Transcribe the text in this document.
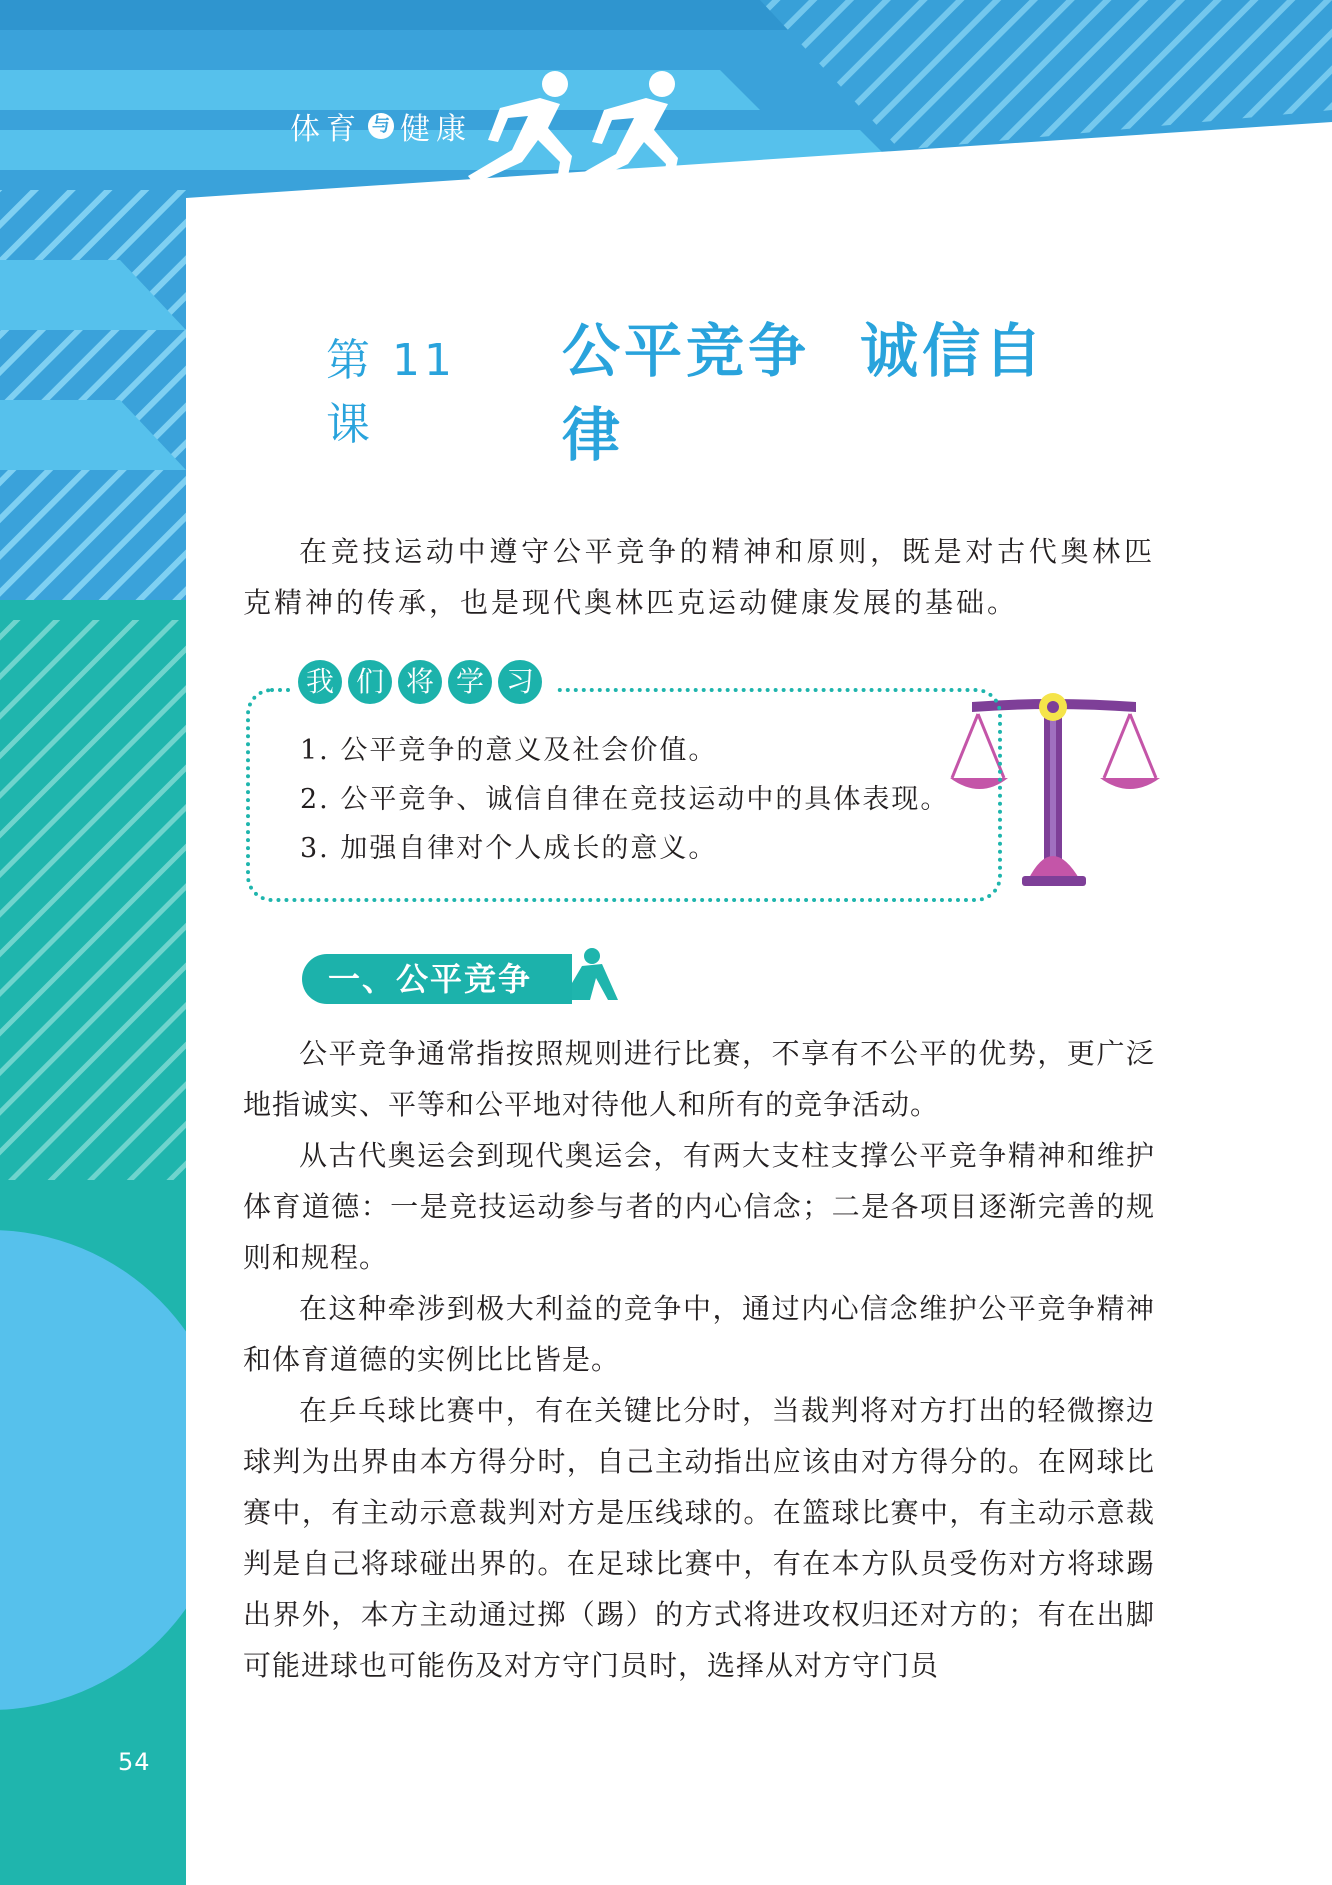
体育 与 健康
第 11 课
公平竞争 诚信自律

在竞技运动中遵守公平竞争的精神和原则，既是对古代奥林匹克精神的传承，也是现代奥林匹克运动健康发展的基础。

我 们 将 学 习
1. 公平竞争的意义及社会价值。
2. 公平竞争、诚信自律在竞技运动中的具体表现。
3. 加强自律对个人成长的意义。
一、公平竞争

公平竞争通常指按照规则进行比赛，不享有不公平的优势，更广泛地指诚实、平等和公平地对待他人和所有的竞争活动。

从古代奥运会到现代奥运会，有两大支柱支撑公平竞争精神和维护体育道德：一是竞技运动参与者的内心信念；二是各项目逐渐完善的规则和规程。

在这种牵涉到极大利益的竞争中，通过内心信念维护公平竞争精神和体育道德的实例比比皆是。

在乒乓球比赛中，有在关键比分时，当裁判将对方打出的轻微擦边球判为出界由本方得分时，自己主动指出应该由对方得分的。在网球比赛中，有主动示意裁判对方是压线球的。在篮球比赛中，有主动示意裁判是自己将球碰出界的。在足球比赛中，有在本方队员受伤对方将球踢出界外，本方主动通过掷（踢）的方式将进攻权归还对方的；有在出脚可能进球也可能伤及对方守门员时，选择从对方守门员

54
